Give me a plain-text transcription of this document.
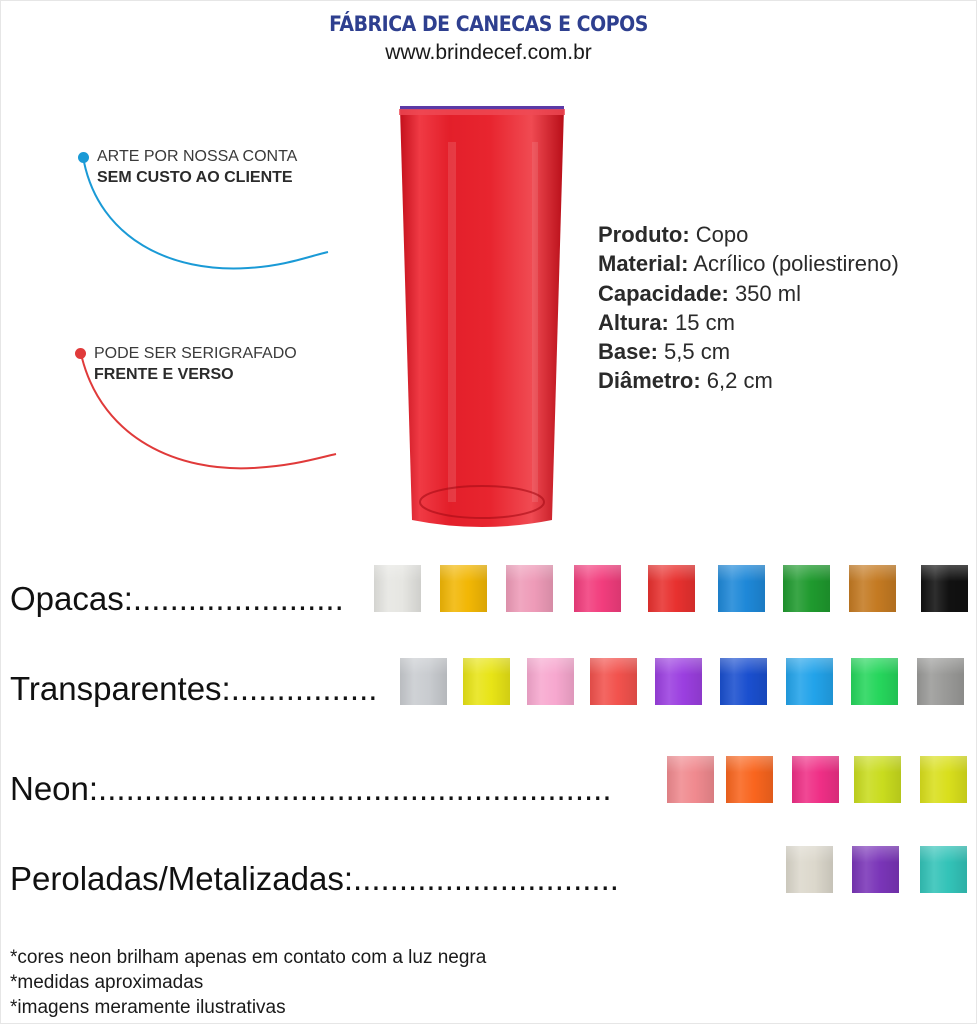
FÁBRICA DE CANECAS E COPOS
www.brindecef.com.br
ARTE POR NOSSA CONTA
SEM CUSTO AO CLIENTE
PODE SER SERIGRAFADO
FRENTE E VERSO
Produto: Copo
Material: Acrílico (poliestireno)
Capacidade: 350 ml
Altura: 15 cm
Base: 5,5 cm
Diâmetro: 6,2 cm
Opacas:.......................
Transparentes:................
Neon:........................................................
Peroladas/Metalizadas:.............................
*cores neon brilham apenas em contato com a luz negra
*medidas aproximadas
*imagens meramente ilustrativas
